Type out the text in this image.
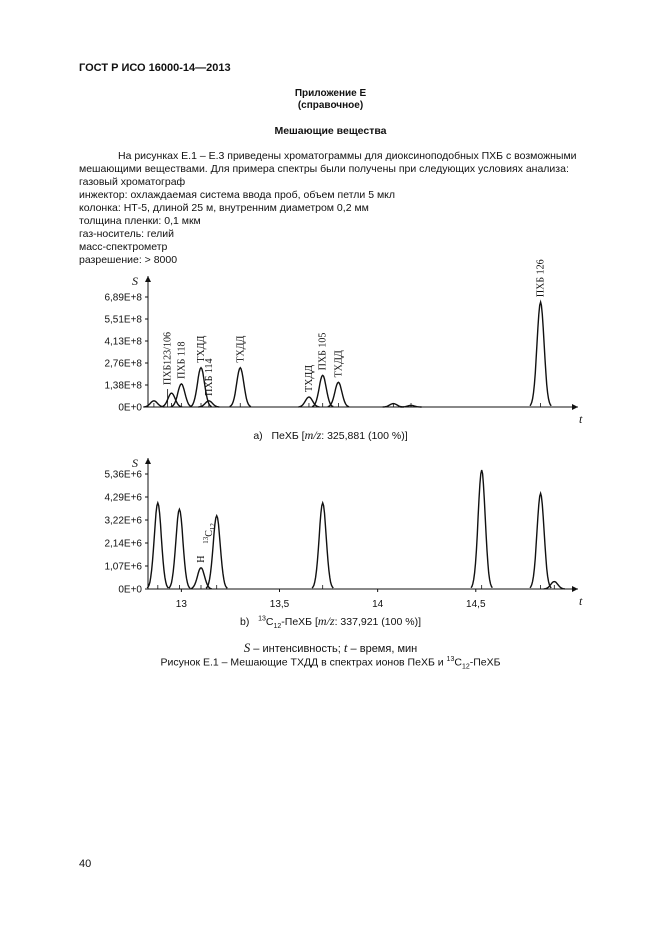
ГОСТ Р ИСО 16000-14—2013
Приложение Е
(справочное)
Мешающие вещества
На рисунках Е.1 – Е.3 приведены хроматограммы для диоксиноподобных ПХБ с возможными мешающими веществами. Для примера спектры были получены при следующих условиях анализа:
газовый хроматограф
инжектор: охлаждаемая система ввода проб, объем петли 5 мкл
колонка: НТ-5, длиной 25 м, внутренним диаметром 0,2 мм
толщина пленки: 0,1 мкм
газ-носитель: гелий
масс-спектрометр
разрешение: > 8000
0E+0
1,38E+8
2,76E+8
4,13E+8
5,51E+8
6,89E+8
S
t
ПХБ 118 ТХДД
ПХБ 114
ТХДД
ТХДД
ПХБ 105 ТХДД
ПХБ 126
ПХБ123/106
а) ПеХБ [m/z: 325,881 (100 %)]
0E+0
1,07E+6
2,14E+6
3,22E+6
4,29E+6
5,36E+6
S
t
13	13,5	14	14,5
H
$^{13}C_{12}$
b) $^{13}C_{12}$-ПеХБ [m/z: 337,921 (100 %)]
S – интенсивность; t – время, мин
Рисунок Е.1 – Мешающие ТХДД в спектрах ионов ПеХБ и $^{13}C_{12}$-ПеХБ
40
